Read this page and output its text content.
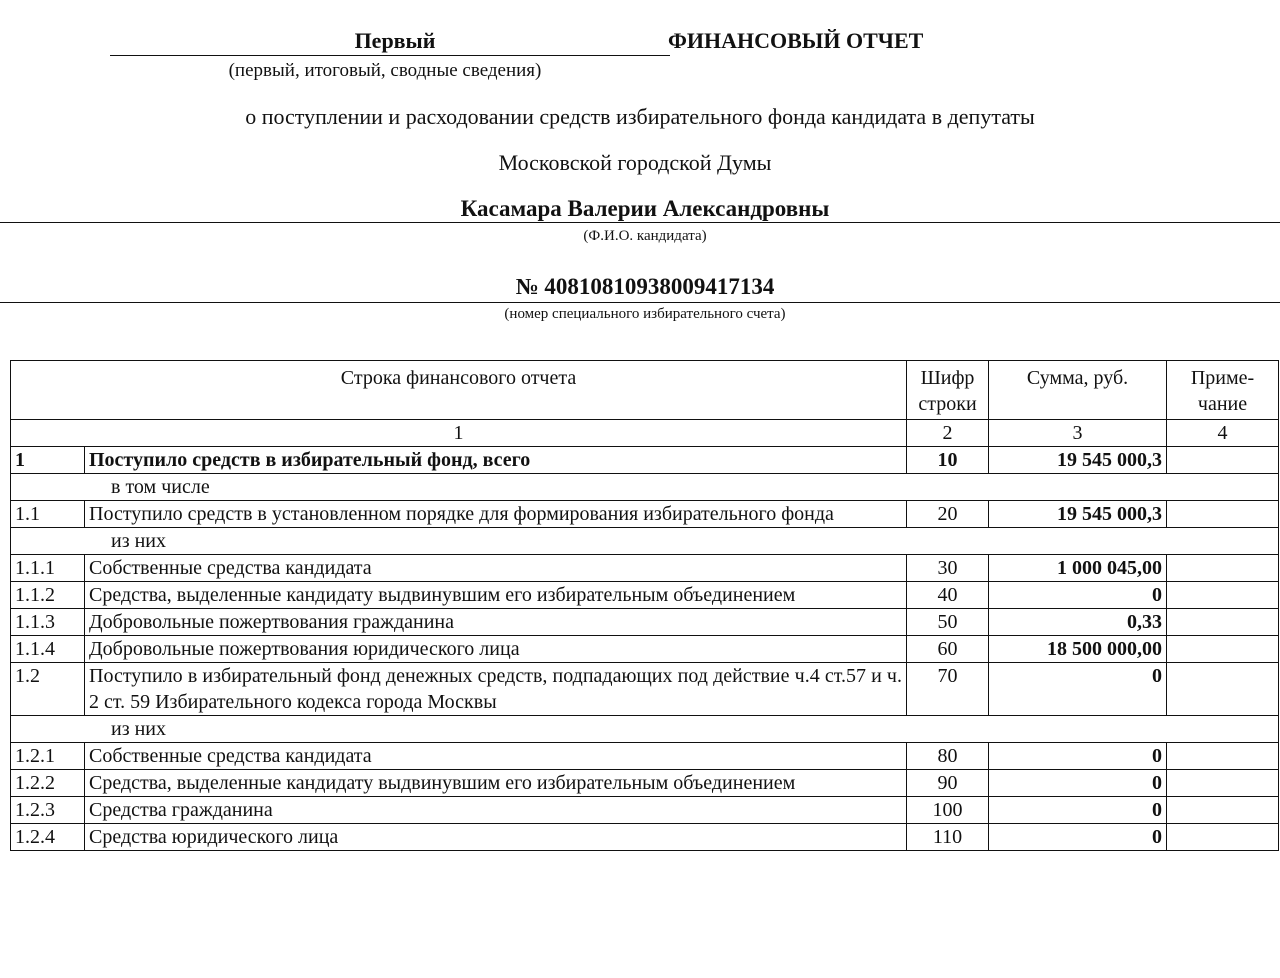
Первый	ФИНАНСОВЫЙ ОТЧЕТ
(первый, итоговый, сводные сведения)
о поступлении и расходовании средств избирательного фонда кандидата в депутаты
Московской городской Думы
Касамара Валерии Александровны
(Ф.И.О. кандидата)
№ 40810810938009417134
(номер специального избирательного счета)
Строка финансового отчета		Шифр строки	Сумма, руб.	Приме-чание
1		2	3	4
1	Поступило средств в избирательный фонд, всего	10	19 545 000,3	
в том числе				
1.1	Поступило средств в установленном порядке для формирования избирательного фонда	20	19 545 000,3	
из них				
1.1.1	Собственные средства кандидата	30	1 000 045,00	
1.1.2	Средства, выделенные кандидату выдвинувшим его избирательным объединением	40	0	
1.1.3	Добровольные пожертвования гражданина	50	0,33	
1.1.4	Добровольные пожертвования юридического лица	60	18 500 000,00	
1.2	Поступило в избирательный фонд денежных средств, подпадающих под действие ч.4 ст.57 и ч. 2 ст. 59 Избирательного кодекса города Москвы	70	0	
из них				
1.2.1	Собственные средства кандидата	80	0	
1.2.2	Средства, выделенные кандидату выдвинувшим его избирательным объединением	90	0	
1.2.3	Средства гражданина	100	0	
1.2.4	Средства юридического лица	110	0	
